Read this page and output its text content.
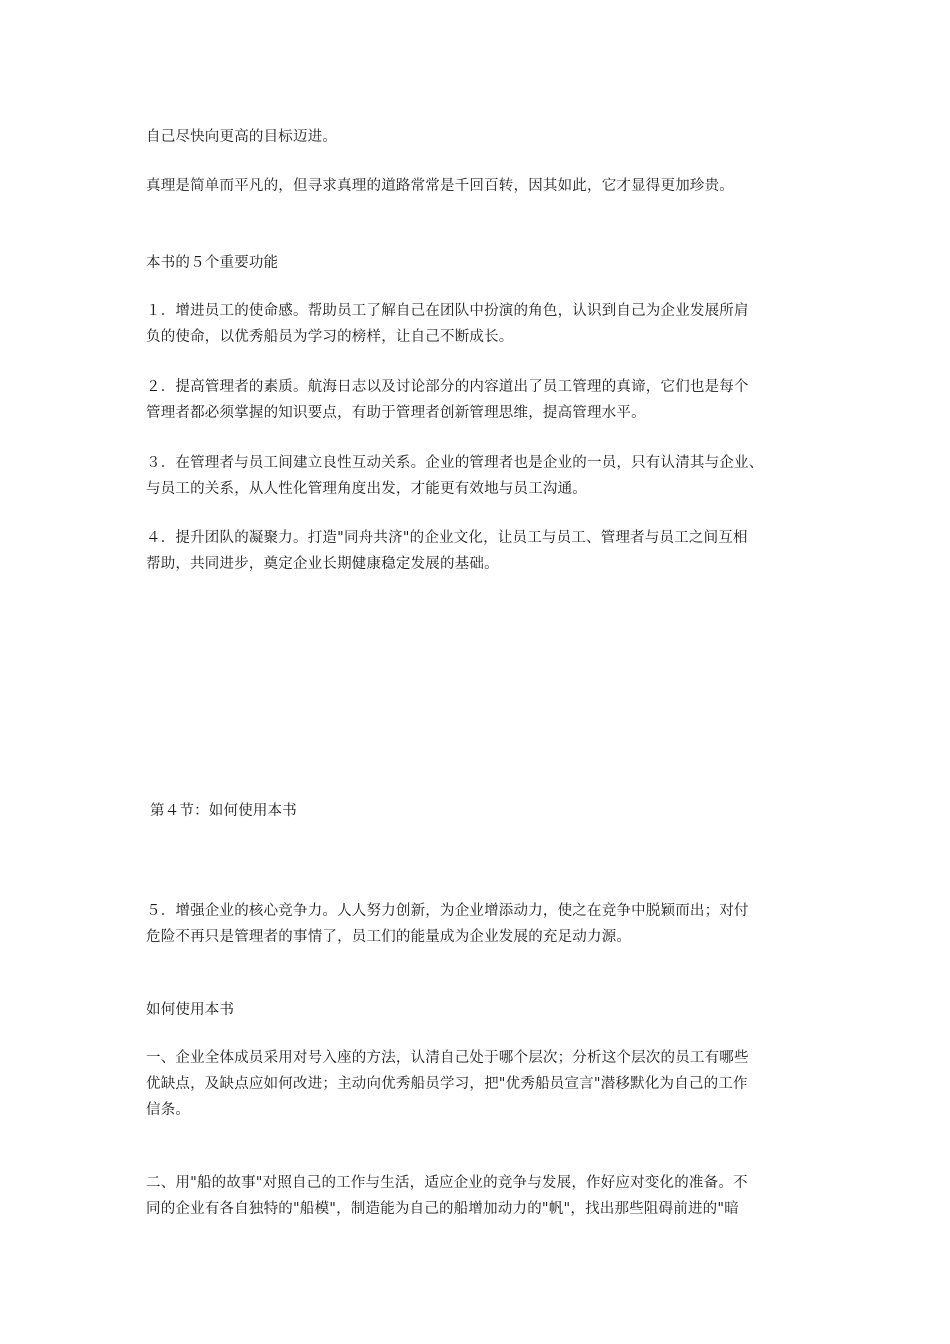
自己尽快向更高的目标迈进。

真理是简单而平凡的，但寻求真理的道路常常是千回百转，因其如此，它才显得更加珍贵。

本书的５个重要功能

１．增进员工的使命感。帮助员工了解自己在团队中扮演的角色，认识到自己为企业发展所肩

负的使命，以优秀船员为学习的榜样，让自己不断成长。

２．提高管理者的素质。航海日志以及讨论部分的内容道出了员工管理的真谛，它们也是每个

管理者都必须掌握的知识要点，有助于管理者创新管理思维，提高管理水平。

３．在管理者与员工间建立良性互动关系。企业的管理者也是企业的一员，只有认清其与企业、

与员工的关系，从人性化管理角度出发，才能更有效地与员工沟通。

４．提升团队的凝聚力。打造"同舟共济"的企业文化，让员工与员工、管理者与员工之间互相

帮助，共同进步，奠定企业长期健康稳定发展的基础。

第４节：如何使用本书

５．增强企业的核心竞争力。人人努力创新，为企业增添动力，使之在竞争中脱颖而出；对付

危险不再只是管理者的事情了，员工们的能量成为企业发展的充足动力源。

如何使用本书

一、企业全体成员采用对号入座的方法，认清自己处于哪个层次；分析这个层次的员工有哪些

优缺点，及缺点应如何改进；主动向优秀船员学习，把"优秀船员宣言"潜移默化为自己的工作

信条。

二、用"船的故事"对照自己的工作与生活，适应企业的竞争与发展，作好应对变化的准备。不

同的企业有各自独特的"船模"，制造能为自己的船增加动力的"帆"，找出那些阻碍前进的"暗
